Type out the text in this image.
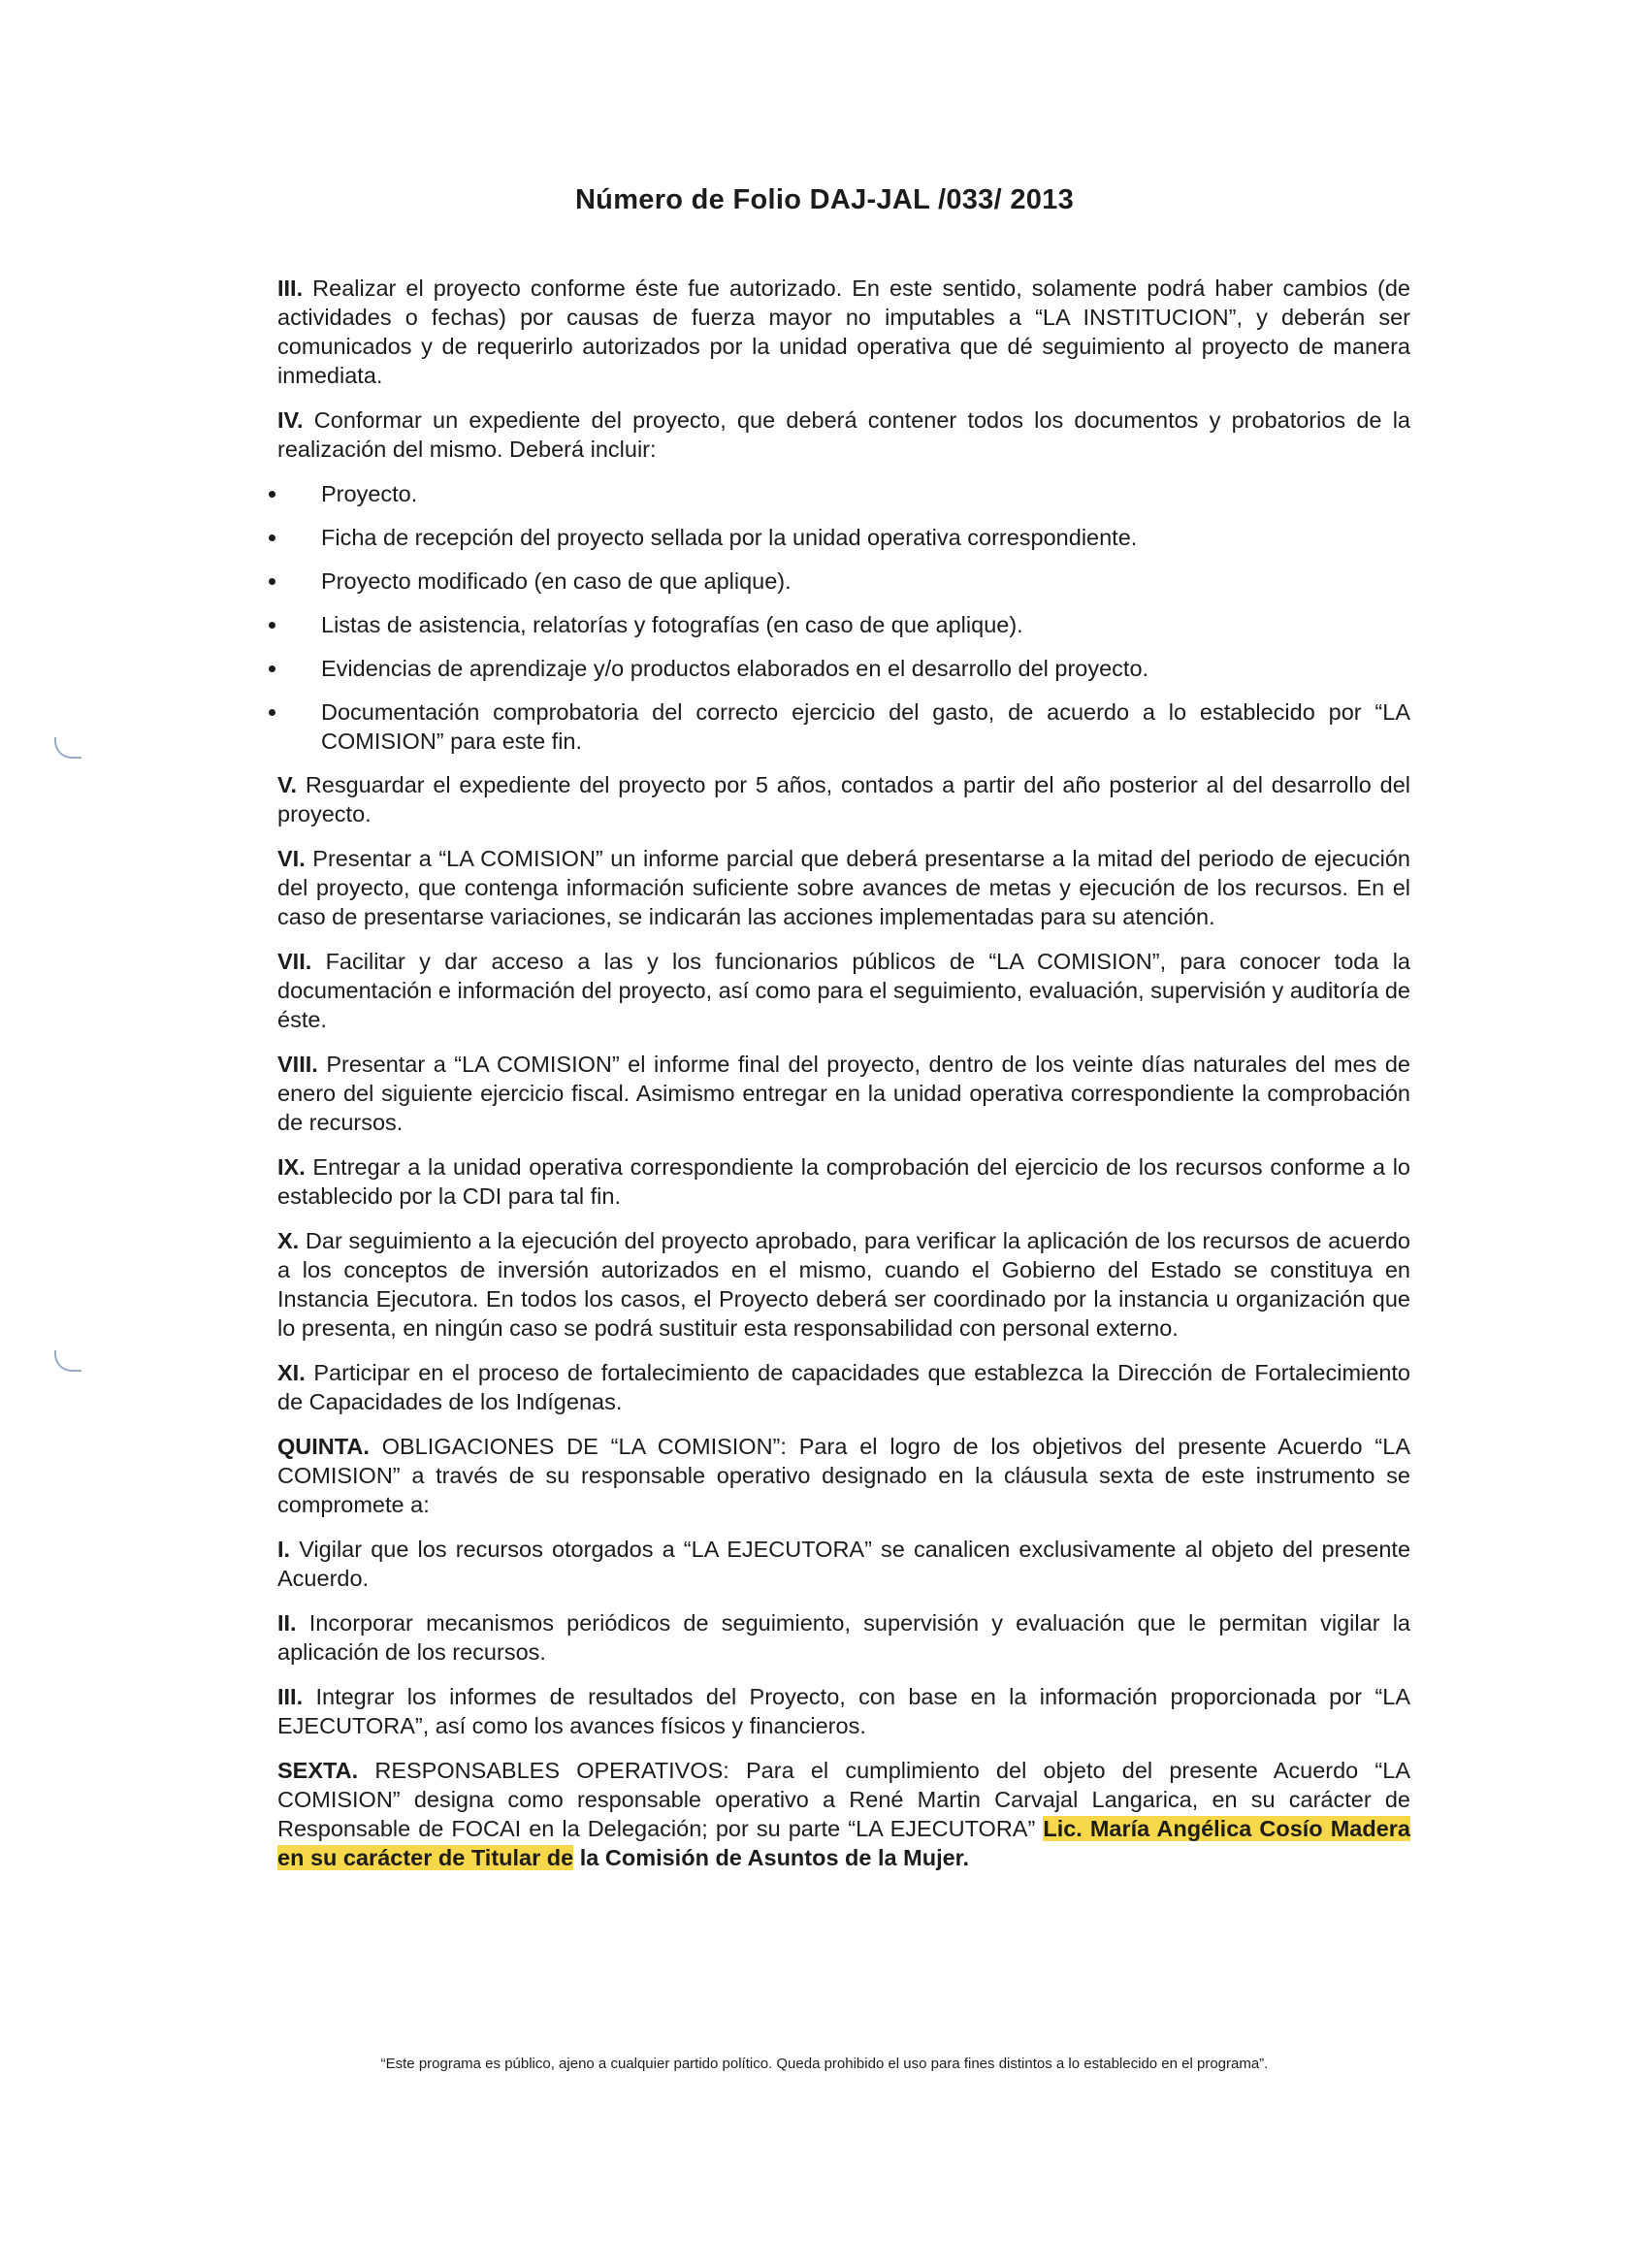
Número de Folio DAJ-JAL /033/ 2013

III. Realizar el proyecto conforme éste fue autorizado. En este sentido, solamente podrá haber cambios (de actividades o fechas) por causas de fuerza mayor no imputables a “LA INSTITUCION”, y deberán ser comunicados y de requerirlo autorizados por la unidad operativa que dé seguimiento al proyecto de manera inmediata.

IV. Conformar un expediente del proyecto, que deberá contener todos los documentos y probatorios de la realización del mismo. Deberá incluir:

Proyecto.
Ficha de recepción del proyecto sellada por la unidad operativa correspondiente.
Proyecto modificado (en caso de que aplique).
Listas de asistencia, relatorías y fotografías (en caso de que aplique).
Evidencias de aprendizaje y/o productos elaborados en el desarrollo del proyecto.
Documentación comprobatoria del correcto ejercicio del gasto, de acuerdo a lo establecido por “LA COMISION” para este fin.

V. Resguardar el expediente del proyecto por 5 años, contados a partir del año posterior al del desarrollo del proyecto.

VI. Presentar a “LA COMISION” un informe parcial que deberá presentarse a la mitad del periodo de ejecución del proyecto, que contenga información suficiente sobre avances de metas y ejecución de los recursos. En el caso de presentarse variaciones, se indicarán las acciones implementadas para su atención.

VII. Facilitar y dar acceso a las y los funcionarios públicos de “LA COMISION”, para conocer toda la documentación e información del proyecto, así como para el seguimiento, evaluación, supervisión y auditoría de éste.

VIII. Presentar a “LA COMISION” el informe final del proyecto, dentro de los veinte días naturales del mes de enero del siguiente ejercicio fiscal. Asimismo entregar en la unidad operativa correspondiente la comprobación de recursos.

IX. Entregar a la unidad operativa correspondiente la comprobación del ejercicio de los recursos conforme a lo establecido por la CDI para tal fin.

X. Dar seguimiento a la ejecución del proyecto aprobado, para verificar la aplicación de los recursos de acuerdo a los conceptos de inversión autorizados en el mismo, cuando el Gobierno del Estado se constituya en Instancia Ejecutora. En todos los casos, el Proyecto deberá ser coordinado por la instancia u organización que lo presenta, en ningún caso se podrá sustituir esta responsabilidad con personal externo.

XI. Participar en el proceso de fortalecimiento de capacidades que establezca la Dirección de Fortalecimiento de Capacidades de los Indígenas.

QUINTA. OBLIGACIONES DE “LA COMISION”: Para el logro de los objetivos del presente Acuerdo “LA COMISION” a través de su responsable operativo designado en la cláusula sexta de este instrumento se compromete a:

I. Vigilar que los recursos otorgados a “LA EJECUTORA” se canalicen exclusivamente al objeto del presente Acuerdo.

II. Incorporar mecanismos periódicos de seguimiento, supervisión y evaluación que le permitan vigilar la aplicación de los recursos.

III. Integrar los informes de resultados del Proyecto, con base en la información proporcionada por “LA EJECUTORA”, así como los avances físicos y financieros.

SEXTA. RESPONSABLES OPERATIVOS: Para el cumplimiento del objeto del presente Acuerdo “LA COMISION” designa como responsable operativo a René Martin Carvajal Langarica, en su carácter de Responsable de FOCAI en la Delegación; por su parte “LA EJECUTORA” Lic. María Angélica Cosío Madera en su carácter de Titular de la Comisión de Asuntos de la Mujer.

“Este programa es público, ajeno a cualquier partido político. Queda prohibido el uso para fines distintos a lo establecido en el programa”.
